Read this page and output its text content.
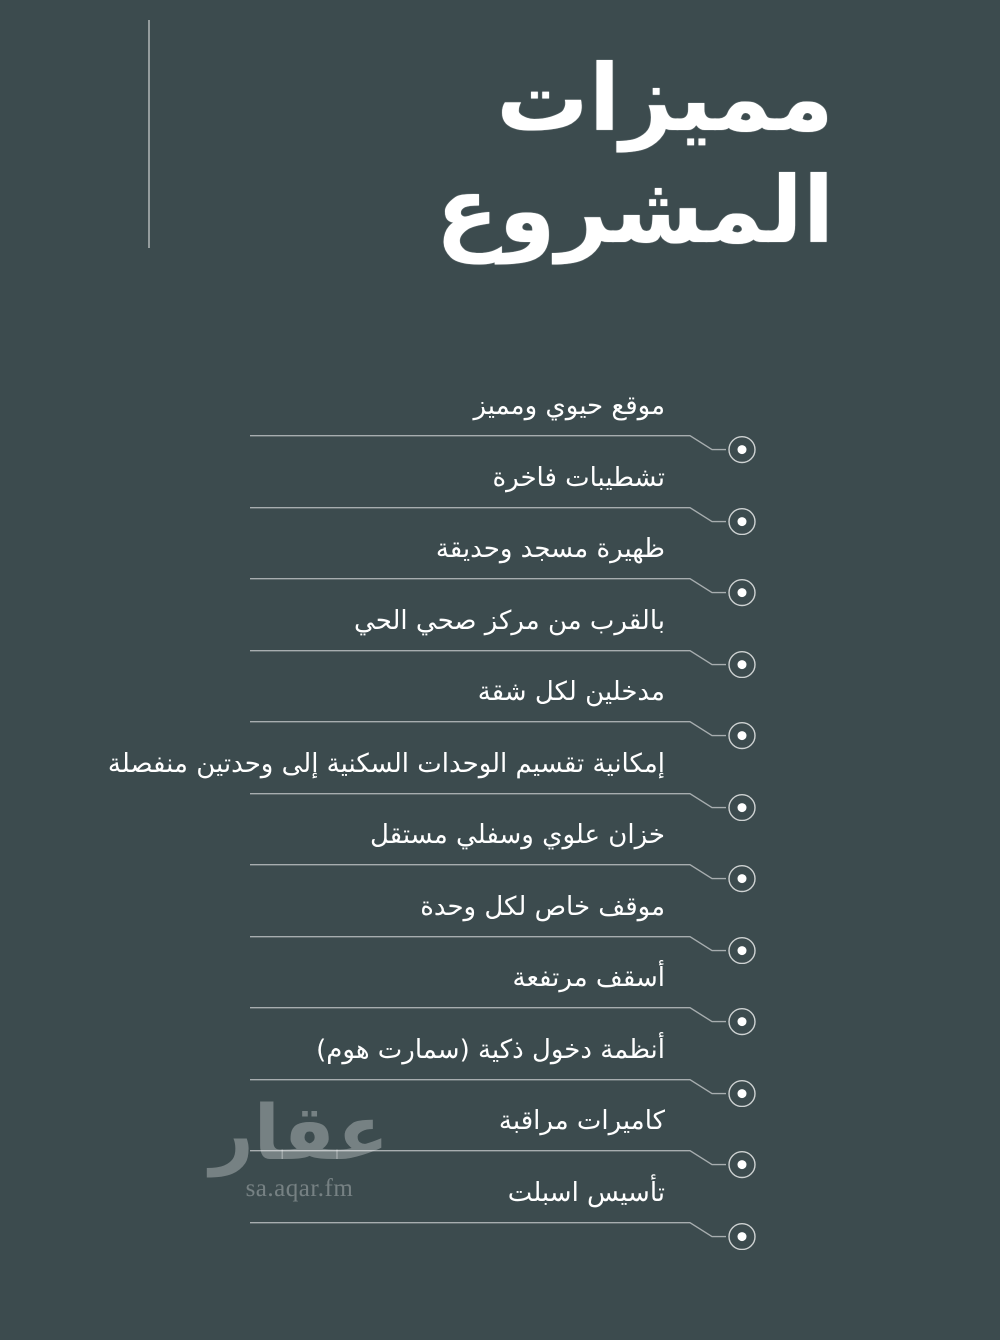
مميزات
المشروع
موقع حيوي ومميز
تشطيبات فاخرة
ظهيرة مسجد وحديقة
بالقرب من مركز صحي الحي
مدخلين لكل شقة
إمكانية تقسيم الوحدات السكنية إلى وحدتين منفصلة
خزان علوي وسفلي مستقل
موقف خاص لكل وحدة
أسقف مرتفعة
أنظمة دخول ذكية (سمارت هوم)
كاميرات مراقبة
تأسيس اسبلت
عقار
sa.aqar.fm
